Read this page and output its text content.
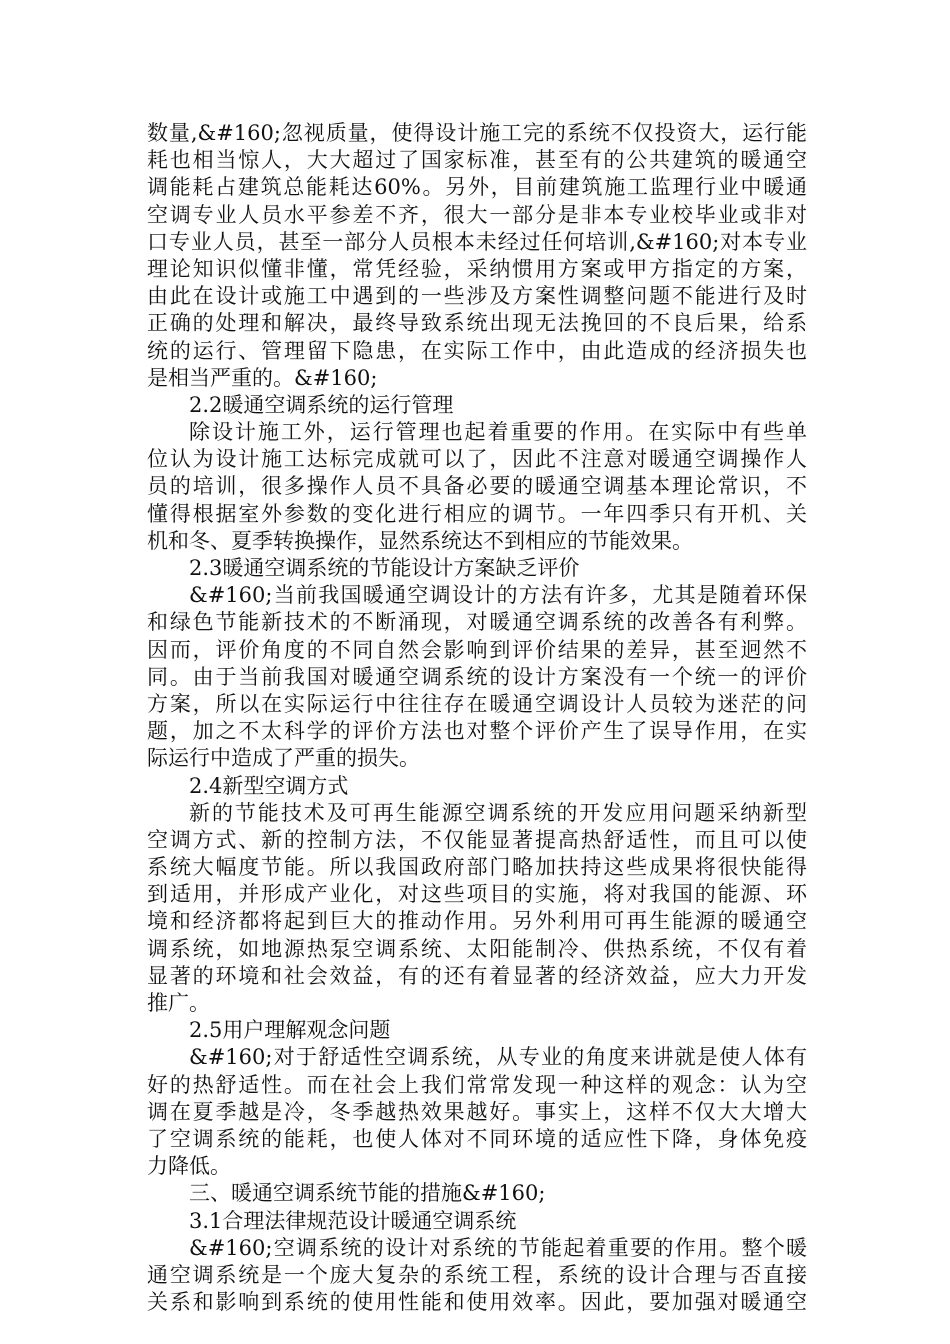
数量,&#160;忽视质量，使得设计施工完的系统不仅投资大，运行能
耗也相当惊人，大大超过了国家标准，甚至有的公共建筑的暖通空
调能耗占建筑总能耗达60%。另外，目前建筑施工监理行业中暖通
空调专业人员水平参差不齐，很大一部分是非本专业校毕业或非对
口专业人员，甚至一部分人员根本未经过任何培训,&#160;对本专业
理论知识似懂非懂，常凭经验，采纳惯用方案或甲方指定的方案，
由此在设计或施工中遇到的一些涉及方案性调整问题不能进行及时
正确的处理和解决，最终导致系统出现无法挽回的不良后果，给系
统的运行、管理留下隐患，在实际工作中，由此造成的经济损失也
是相当严重的。&#160;
2.2暖通空调系统的运行管理
除设计施工外，运行管理也起着重要的作用。在实际中有些单
位认为设计施工达标完成就可以了，因此不注意对暖通空调操作人
员的培训，很多操作人员不具备必要的暖通空调基本理论常识，不
懂得根据室外参数的变化进行相应的调节。一年四季只有开机、关
机和冬、夏季转换操作，显然系统达不到相应的节能效果。
2.3暖通空调系统的节能设计方案缺乏评价
&#160;当前我国暖通空调设计的方法有许多，尤其是随着环保
和绿色节能新技术的不断涌现，对暖通空调系统的改善各有利弊。
因而，评价角度的不同自然会影响到评价结果的差异，甚至迥然不
同。由于当前我国对暖通空调系统的设计方案没有一个统一的评价
方案，所以在实际运行中往往存在暖通空调设计人员较为迷茫的问
题，加之不太科学的评价方法也对整个评价产生了误导作用，在实
际运行中造成了严重的损失。
2.4新型空调方式
新的节能技术及可再生能源空调系统的开发应用问题采纳新型
空调方式、新的控制方法，不仅能显著提高热舒适性，而且可以使
系统大幅度节能。所以我国政府部门略加扶持这些成果将很快能得
到适用，并形成产业化，对这些项目的实施，将对我国的能源、环
境和经济都将起到巨大的推动作用。另外利用可再生能源的暖通空
调系统，如地源热泵空调系统、太阳能制冷、供热系统，不仅有着
显著的环境和社会效益，有的还有着显著的经济效益，应大力开发
推广。
2.5用户理解观念问题
&#160;对于舒适性空调系统，从专业的角度来讲就是使人体有
好的热舒适性。而在社会上我们常常发现一种这样的观念：认为空
调在夏季越是冷，冬季越热效果越好。事实上，这样不仅大大增大
了空调系统的能耗，也使人体对不同环境的适应性下降，身体免疫
力降低。
三、暖通空调系统节能的措施&#160;
3.1合理法律规范设计暖通空调系统
&#160;空调系统的设计对系统的节能起着重要的作用。整个暖
通空调系统是一个庞大复杂的系统工程，系统的设计合理与否直接
关系和影响到系统的使用性能和使用效率。因此，要加强对暖通空
